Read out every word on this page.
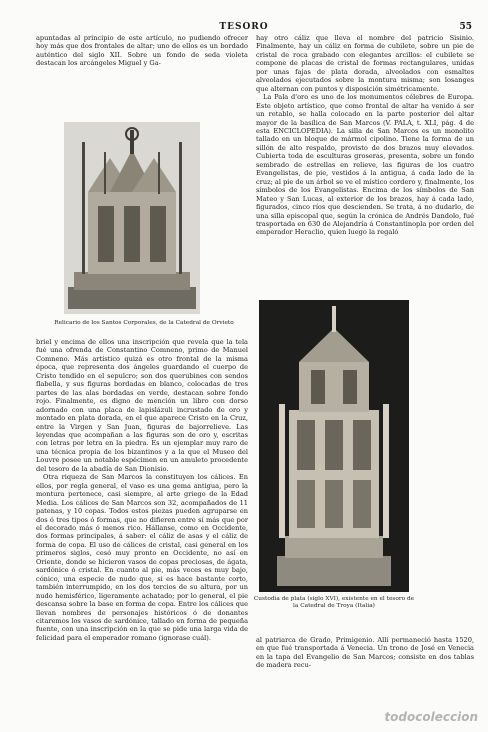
TESORO	55

apuntadas al principio de este artículo, no pudiendo ofrecer hoy más que dos frontales de altar; uno de ellos es un bordado auténtico del siglo XII. Sobre un fondo de seda violeta destacan los arcángeles Miguel y Ga-

Relicario de los Santos Corporales, de la Catedral de Orvieto

briel y encima de ellos una inscripción que revela que la tela fué una ofrenda de Constantino Comneno, primo de Manuel Comneno. Más artístico quizá es otro frontal de la misma época, que representa dos ángeles guardando el cuerpo de Cristo tendido en el sepulcro; son dos querubines con sendos flabella, y sus figuras bordadas en blanco, colocadas de tres partes de las alas bordadas en verde, destacan sobre fondo rojo. Finalmente, es digno de mención un libro con dorso adornado con una placa de lapislázuli incrustado de oro y montado en plata dorada, en el que aparece Cristo en la Cruz, entre la Virgen y San Juan, figuras de bajorrelieve. Las leyendas que acompañan a las figuras son de oro y, escritas con letras por letra en la piedra. Es un ejemplar muy raro de una técnica propia de los bizantinos y a la que el Museo del Louvre posee un notable espécimen en un amuleto procedente del tesoro de la abadía de San Dionisio.

Otra riqueza de San Marcos la constituyen los cálices. En ellos, por regla general, el vaso es una gema antigua, pero la montura pertenece, casi siempre, al arte griego de la Edad Media. Los cálices de San Marcos son 32, acompañados de 11 patenas, y 10 copas. Todos estos piezas pueden agruparse en dos ó tres tipos ó formas, que no difieren entre sí más que por el decorado más ó menos rico. Hállanse, como en Occidente, dos formas principales, á saber: el cáliz de asas y el cáliz de forma de copa. El uso de cálices de cristal, casi general en los primeros siglos, cesó muy pronto en Occidente, no así en Oriente, donde se hicieron vasos de copas preciosas, de ágata, sardónice ó cristal. En cuanto al pie, más veces es muy bajo, cónico, una especie de nudo que, si es hace bastante corto, también interrumpido, en los dos tercios de su altura, por un nudo hemisférico, ligeramente achatado; por lo general, el pie descansa sobre la base en forma de copa. Entre los cálices que llevan nombres de personajes históricos ó de donantes citaremos los vasos de sardónice, tallado en forma de pequeña fuente, con una inscripción en la que se pide una larga vida de felicidad para el emperador romano (ignorase cuál).

hay otro cáliz que lleva el nombre del patricio Sisinio. Finalmente, hay un cáliz en forma de cubilete, sobre un pie de cristal de roca grabado con elegantes arcillos: el cubilete se compone de placas de cristal de formas rectangulares, unidas por unas fajas de plata dorada, alveolados con esmaltes alveolados ejecutados sobre la montura misma; son losanges que alternan con puntos y disposición simétricamente.

La Pala d'oro es uno de los monumentos célebres de Europa. Este objeto artístico, que como frontal de altar ha venido á ser un retablo, se halla colocado en la parte posterior del altar mayor de la basílica de San Marcos (V. PALA, t. XLI, pág. 4 de esta ENCICLOPEDIA). La silla de San Marcos es un monolito tallado en un bloque de mármol cipolino. Tiene la forma de un sillón de alto respaldo, provisto de dos brazos muy elevados. Cubierta toda de esculturas groseras, presenta, sobre un fondo sembrado de estrellas en relieve, las figuras de los cuatro Evangelistas, de pie, vestidos á la antigua, á cada lado de la cruz; al pie de un árbol se ve el místico cordero y, finalmente, los símbolos de los Evangelistas. Encima de los símbolos de San Mateo y San Lucas, al exterior de los brazos, hay á cada lado, figurados, cinco ríos que descienden. Se trata, á no dudarlo, de una silla episcopal que, según la crónica de Andrés Dandolo, fué trasportada en 630 de Alejandría á Constantinopla por orden del emperador Heraclio, quien luego la regaló

Custodia de plata (siglo XVI), existente en el tesoro de la Catedral de Troya (Italia)

al patriarca de Grado, Primigenio. Allí permaneció hasta 1520, en que fué transportada á Venecia. Un trono de José en Venecia en la tapa del Evangelio de San Marcos; consiste en dos tablas de madera recu-

todocoleccion
